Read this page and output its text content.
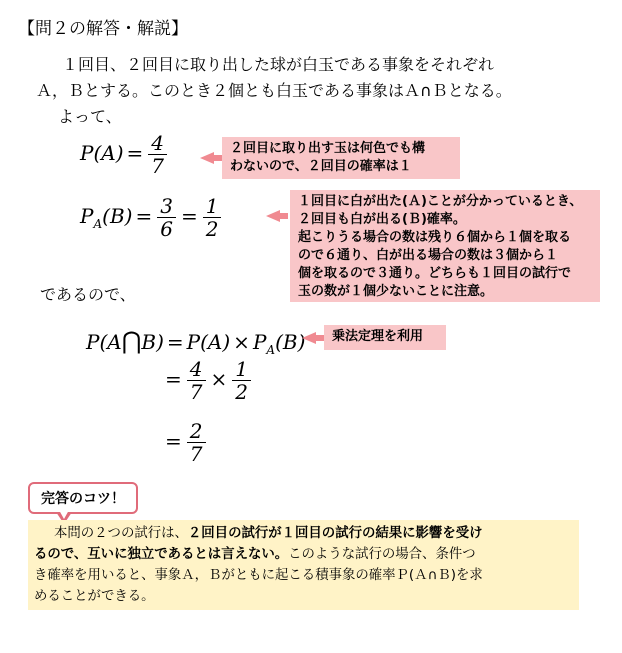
【問２の解答・解説】

１回目、２回目に取り出した球が白玉である事象をそれぞれ

Ａ，Ｂとする。このとき２個とも白玉である事象はＡ∩Ｂとなる。

よって、

$P(A) = \frac{4}{7}$	２回目に取り出す玉は何色でも構
わないので、２回目の確率は１
$P_A(B) = \frac{3}{6} = \frac{1}{2}$	１回目に白が出た(Ａ)ことが分かっているとき、
２回目も白が出る(Ｂ)確率。
起こりうる場合の数は残り６個から１個を取る
ので６通り、白が出る場合の数は３個から１
個を取るので３通り。どちらも１回目の試行で
玉の数が１個少ないことに注意。
であるので、
P(A⋂B) = $P(A) \times P_A(B)$	乗法定理を利用
= $\frac{4}{7} \times \frac{1}{2}$
= $\frac{2}{7}$
完答のコツ！
本問の２つの試行は、２回目の試行が１回目の試行の結果に影響を受け
るので、互いに独立であるとは言えない。このような試行の場合、条件つ
き確率を用いると、事象Ａ，Ｂがともに起こる積事象の確率Ｐ(Ａ∩Ｂ)を求
めることができる。
